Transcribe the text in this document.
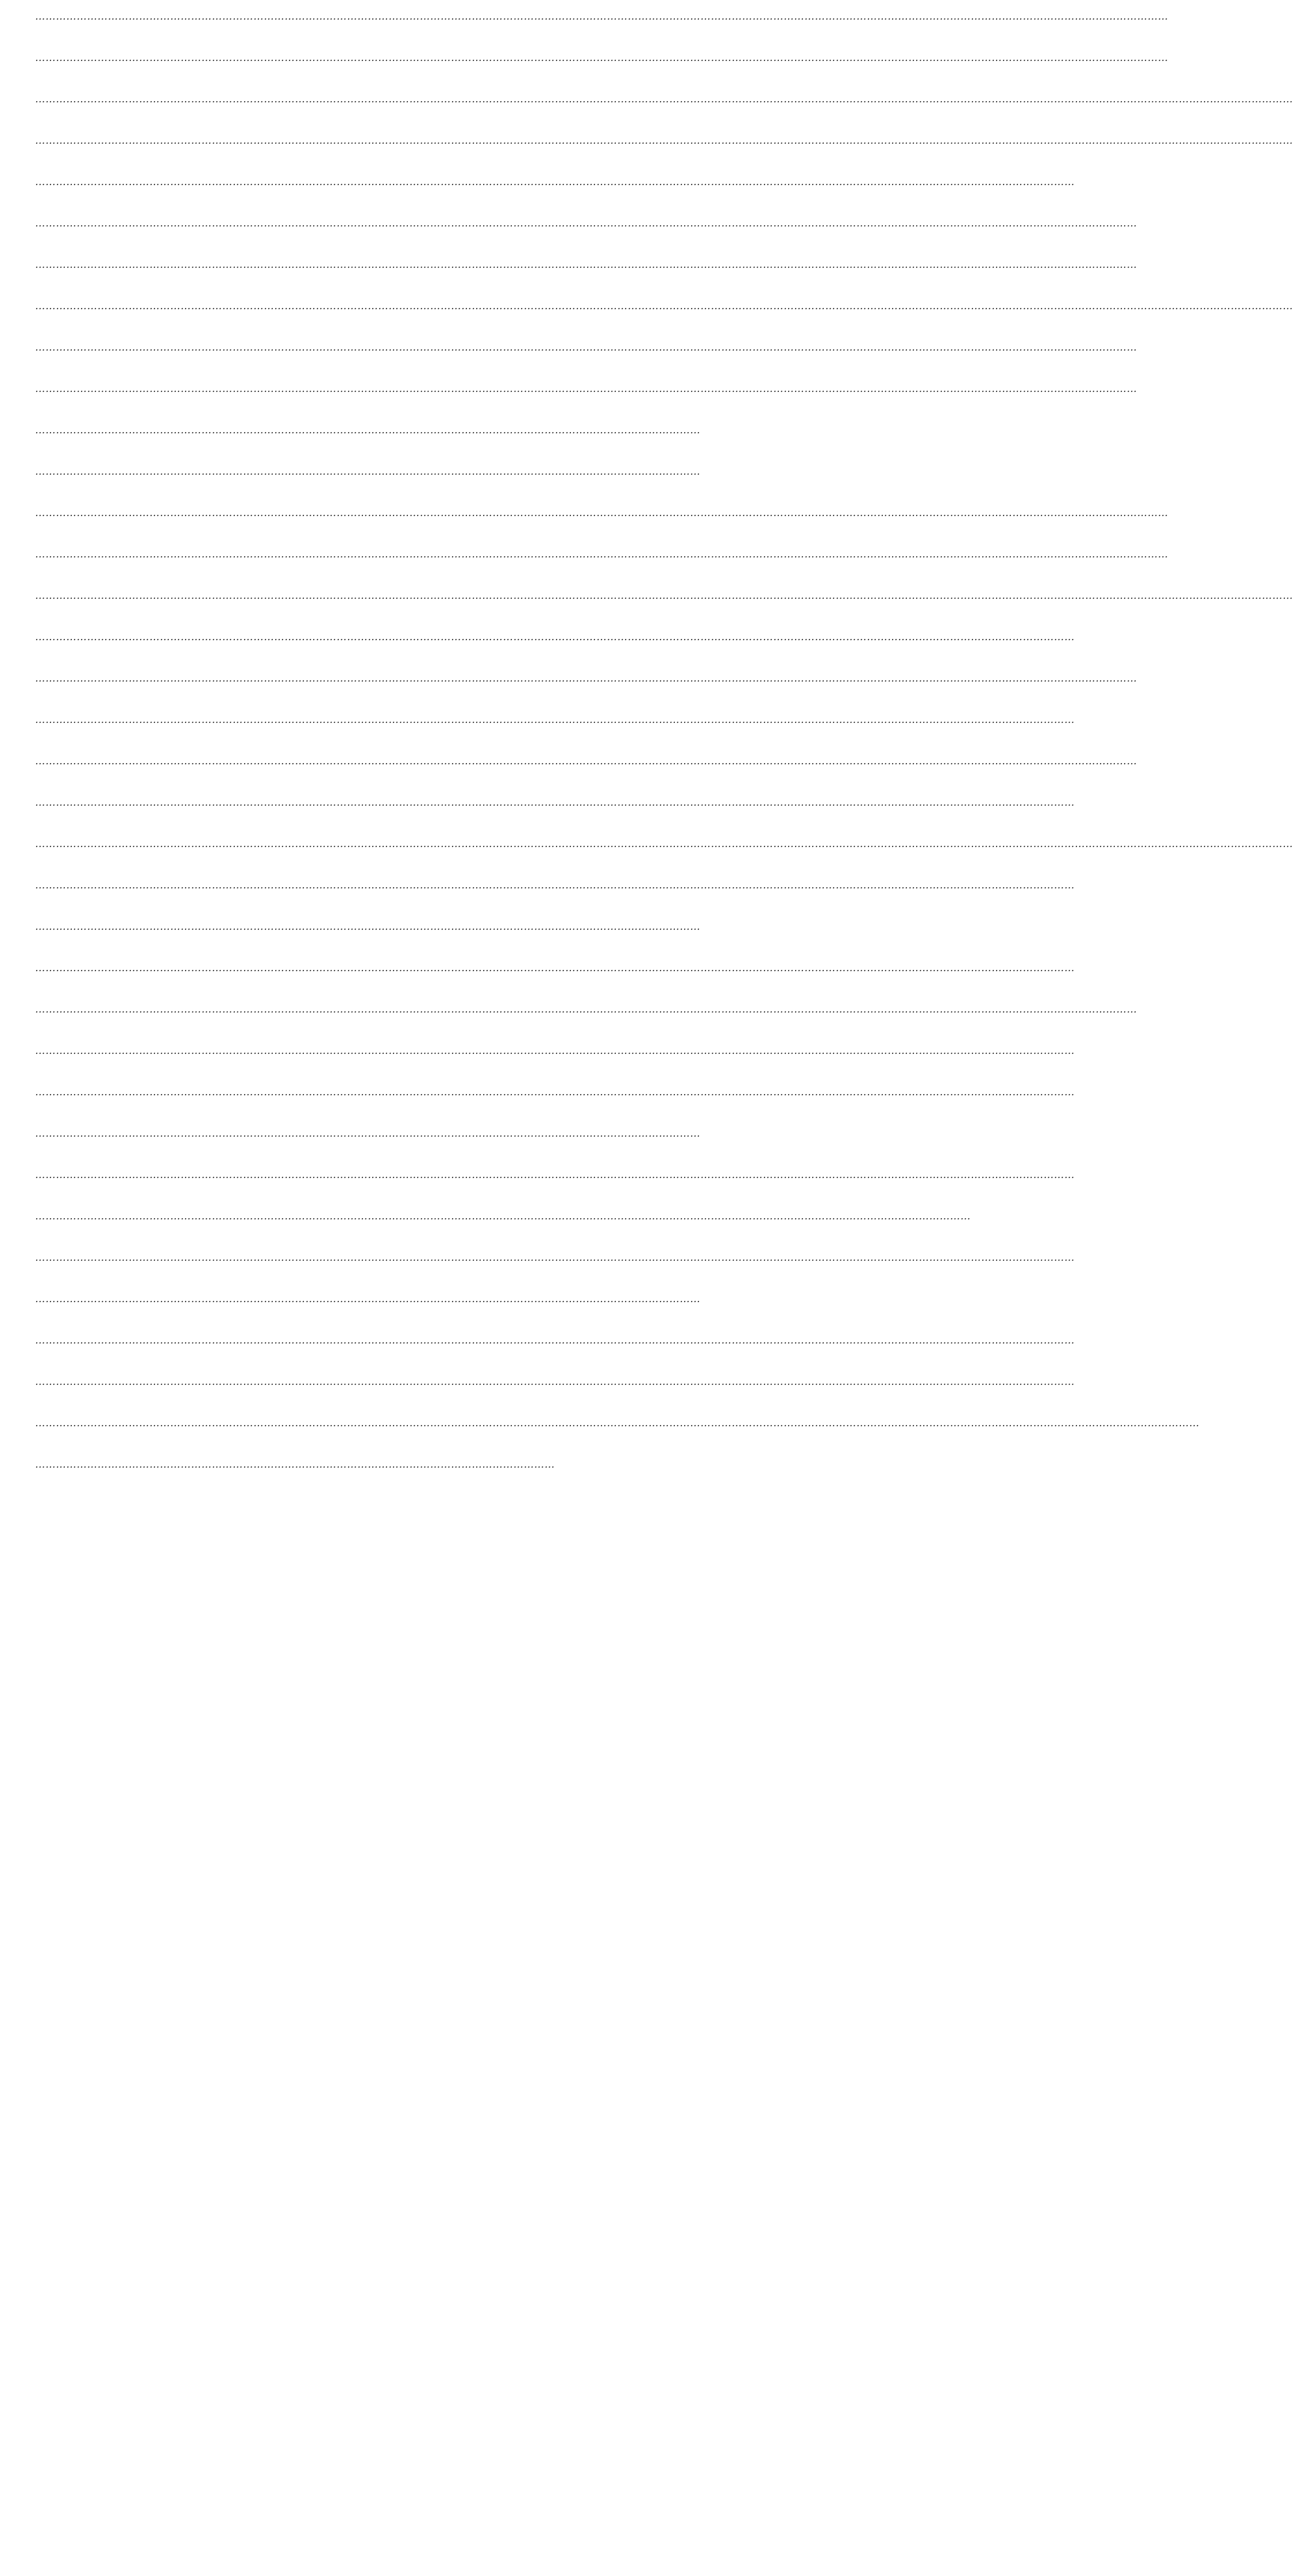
…………………………………………………………………………………………………………………………………………………………………………………………………………………………………………………………………………………………………

…………………………………………………………………………………………………………………………………………………………………………………………………………………………………………………………………………………………………

…………………………………………………………………………………………………………………………………………………………………………………………………………………………………………………………………………………………………………………………………

…………………………………………………………………………………………………………………………………………………………………………………………………………………………………………………………………………………………………………………………………

…………………………………………………………………………………………………………………………………………………………………………………………………………………………………………………………………………

…………………………………………………………………………………………………………………………………………………………………………………………………………………………………………………………………………………………

…………………………………………………………………………………………………………………………………………………………………………………………………………………………………………………………………………………………

…………………………………………………………………………………………………………………………………………………………………………………………………………………………………………………………………………………………………………………………………

…………………………………………………………………………………………………………………………………………………………………………………………………………………………………………………………………………………………

…………………………………………………………………………………………………………………………………………………………………………………………………………………………………………………………………………………………

…………………………………………………………………………………………………………………………………………………………………………

…………………………………………………………………………………………………………………………………………………………………………

…………………………………………………………………………………………………………………………………………………………………………………………………………………………………………………………………………………………………

…………………………………………………………………………………………………………………………………………………………………………………………………………………………………………………………………………………………………

…………………………………………………………………………………………………………………………………………………………………………………………………………………………………………………………………………………………………………………………………

…………………………………………………………………………………………………………………………………………………………………………………………………………………………………………………………………………

…………………………………………………………………………………………………………………………………………………………………………………………………………………………………………………………………………………………

…………………………………………………………………………………………………………………………………………………………………………………………………………………………………………………………………………

…………………………………………………………………………………………………………………………………………………………………………………………………………………………………………………………………………………………

…………………………………………………………………………………………………………………………………………………………………………………………………………………………………………………………………………

…………………………………………………………………………………………………………………………………………………………………………………………………………………………………………………………………………………………………………………………………

…………………………………………………………………………………………………………………………………………………………………………………………………………………………………………………………………………

…………………………………………………………………………………………………………………………………………………………………………

…………………………………………………………………………………………………………………………………………………………………………………………………………………………………………………………………………

…………………………………………………………………………………………………………………………………………………………………………………………………………………………………………………………………………………………

…………………………………………………………………………………………………………………………………………………………………………………………………………………………………………………………………………

…………………………………………………………………………………………………………………………………………………………………………………………………………………………………………………………………………

…………………………………………………………………………………………………………………………………………………………………………

…………………………………………………………………………………………………………………………………………………………………………………………………………………………………………………………………………

………………………………………………………………………………………………………………………………………………………………………………………………………………………………………………

…………………………………………………………………………………………………………………………………………………………………………………………………………………………………………………………………………

…………………………………………………………………………………………………………………………………………………………………………

…………………………………………………………………………………………………………………………………………………………………………………………………………………………………………………………………………

…………………………………………………………………………………………………………………………………………………………………………………………………………………………………………………………………………

…………………………………………………………………………………………………………………………………………………………………………………………………………………………………………………………………………………………………………

……………………………………………………………………………………………………………………………………
